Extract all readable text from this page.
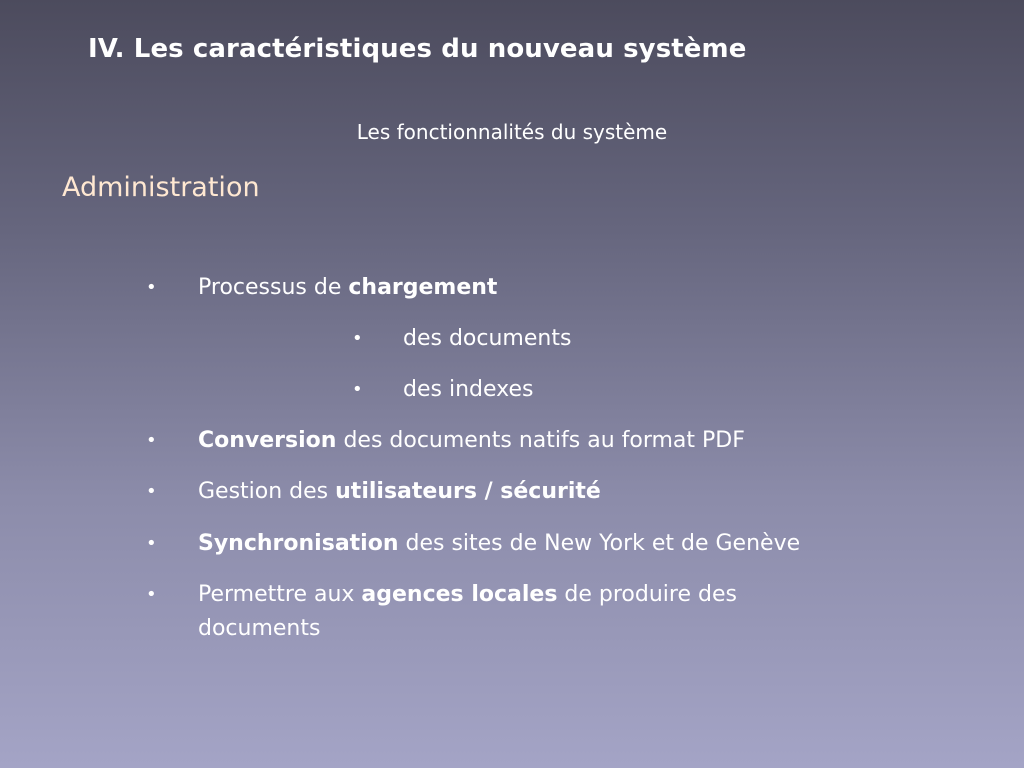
IV. Les caractéristiques du nouveau système
Les fonctionnalités du système
Administration
• Processus de chargement
• des documents
• des indexes
• Conversion des documents natifs au format PDF
• Gestion des utilisateurs / sécurité
• Synchronisation des sites de New York et de Genève
• Permettre aux agences locales de produire des documents
